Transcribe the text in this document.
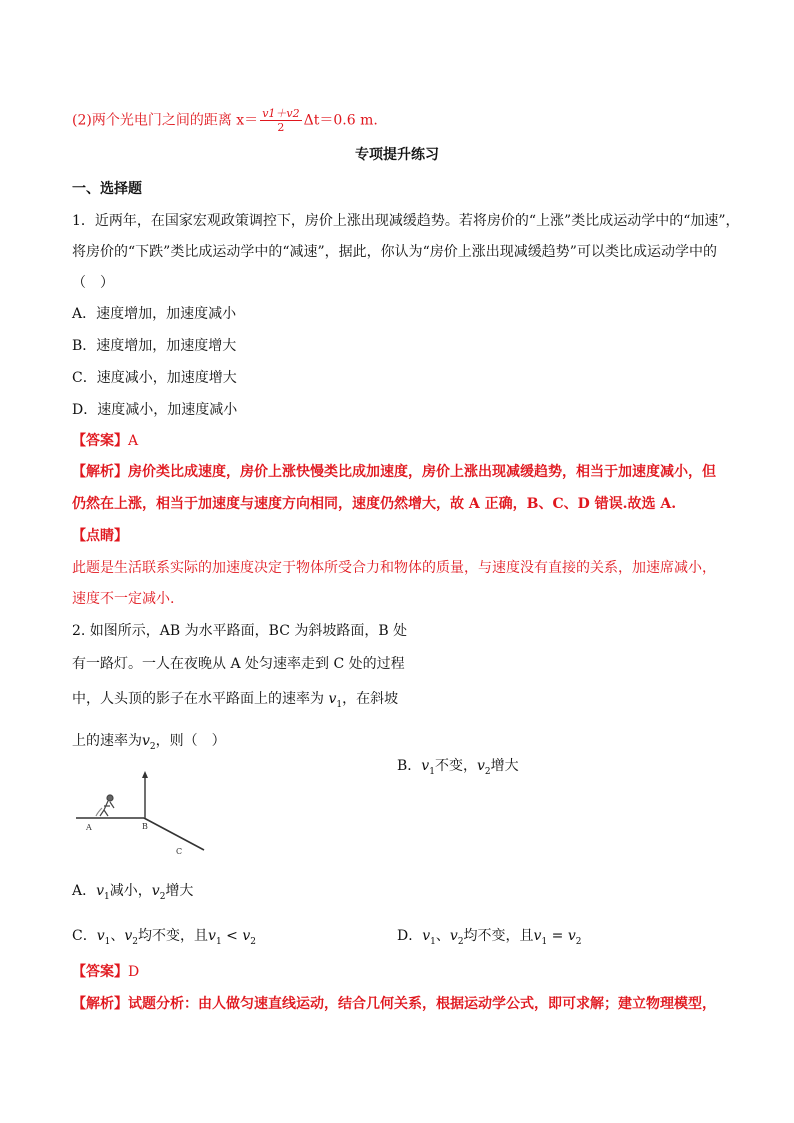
(2)两个光电门之间的距离 $x= \frac{v1+v2}{2} \Delta t=0.6$ m.
专项提升练习
一、选择题
1．近两年，在国家宏观政策调控下，房价上涨出现减缓趋势。若将房价的“上涨”类比成运动学中的“加速”，
将房价的“下跌”类比成运动学中的“减速”，据此，你认为“房价上涨出现减缓趋势”可以类比成运动学中的
（　）
A．速度增加，加速度减小
B．速度增加，加速度增大
C．速度减小，加速度增大
D．速度减小，加速度减小
【答案】A
【解析】房价类比成速度，房价上涨快慢类比成加速度，房价上涨出现减缓趋势，相当于加速度减小，但
仍然在上涨，相当于加速度与速度方向相同，速度仍然增大，故 A 正确，B、C、D 错误.故选 A.
【点睛】
此题是生活联系实际的加速度决定于物体所受合力和物体的质量，与速度没有直接的关系，加速席减小，
速度不一定减小.
2. 如图所示，AB 为水平路面，BC 为斜坡路面，B 处
有一路灯。一人在夜晚从 A 处匀速率走到 C 处的过程
中，人头顶的影子在水平路面上的速率为 $v_1$，在斜坡
上的速率为$v_2$，则（　）
B．$v_1$不变，$v_2$增大
A	B
C
A．$v_1$减小，$v_2$增大
C．$v_1$、$v_2$均不变，且$v_1 < v_2$	D．$v_1$、$v_2$均不变，且$v_1 = v_2$
【答案】D
【解析】试题分析：由人做匀速直线运动，结合几何关系，根据运动学公式，即可求解；建立物理模型，
